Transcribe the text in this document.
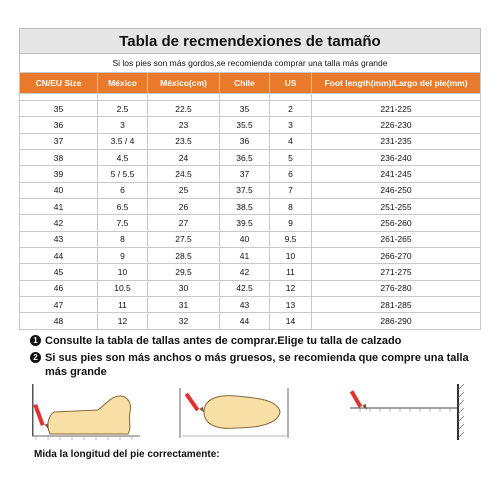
Tabla de recmendexiones de tamaño
Si los pies son más gordos,se recomienda comprar una talla más grande
CN/EU Size	México	México(cm)	Chile	US	Foot length(mm)/Largo del pie(mm)

35	2.5	22.5	35	2	221-225
36	3	23	35.5	3	226-230
37	3.5 / 4	23.5	36	4	231-235
38	4.5	24	36.5	5	236-240
39	5 / 5.5	24.5	37	6	241-245
40	6	25	37.5	7	246-250
41	6.5	26	38.5	8	251-255
42	7.5	27	39.5	9	256-260
43	8	27.5	40	9.5	261-265
44	9	28.5	41	10	266-270
45	10	29.5	42	11	271-275
46	10.5	30	42.5	12	276-280
47	11	31	43	13	281-285
48	12	32	44	14	286-290
1 Consulte la tabla de tallas antes de comprar.Elige tu talla de calzado
2 Si sus pies son más anchos o más gruesos, se recomienda que compre una talla más grande
Mida la longitud del pie correctamente:
